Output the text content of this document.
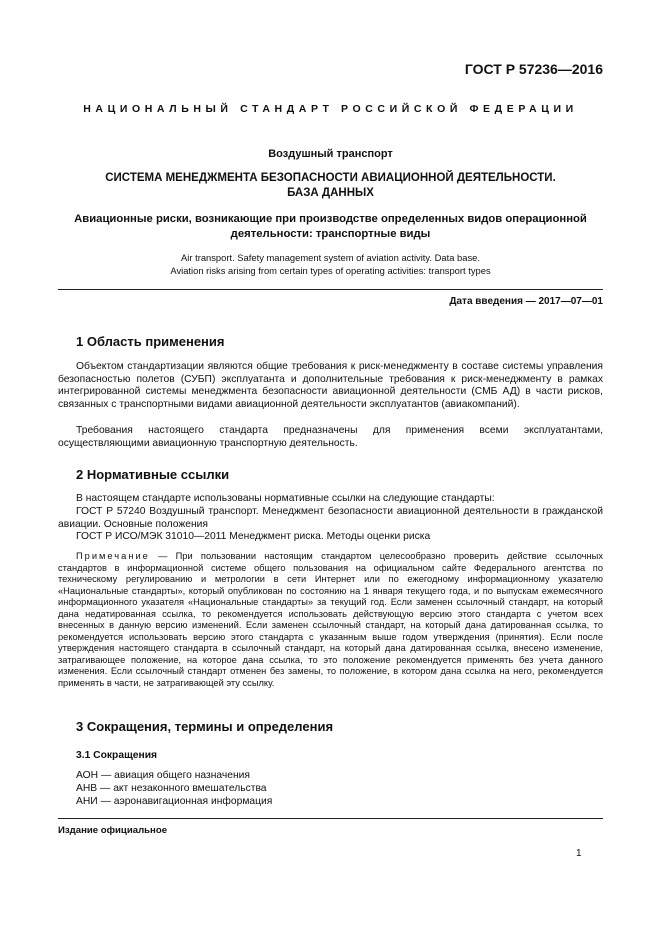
ГОСТ Р 57236—2016
НАЦИОНАЛЬНЫЙ СТАНДАРТ РОССИЙСКОЙ ФЕДЕРАЦИИ
Воздушный транспорт
СИСТЕМА МЕНЕДЖМЕНТА БЕЗОПАСНОСТИ АВИАЦИОННОЙ ДЕЯТЕЛЬНОСТИ.
БАЗА ДАННЫХ
Авиационные риски, возникающие при производстве определенных видов операционной
деятельности: транспортные виды
Air transport. Safety management system of aviation activity. Data base.
Aviation risks arising from certain types of operating activities: transport types
Дата введения — 2017—07—01
1 Область применения
Объектом стандартизации являются общие требования к риск-менеджменту в составе системы управления безопасностью полетов (СУБП) эксплуатанта и дополнительные требования к риск-менеджменту в рамках интегрированной системы менеджмента безопасности авиационной деятельности (СМБ АД) в части рисков, связанных с транспортными видами авиационной деятельности эксплуатантов (авиакомпаний).
Требования настоящего стандарта предназначены для применения всеми эксплуатантами, осуществляющими авиационную транспортную деятельность.
2 Нормативные ссылки
В настоящем стандарте использованы нормативные ссылки на следующие стандарты:
ГОСТ Р 57240 Воздушный транспорт. Менеджмент безопасности авиационной деятельности в гражданской авиации. Основные положения
ГОСТ Р ИСО/МЭК 31010—2011 Менеджмент риска. Методы оценки риска
Примечание — При пользовании настоящим стандартом целесообразно проверить действие ссылочных стандартов в информационной системе общего пользования на официальном сайте Федерального агентства по техническому регулированию и метрологии в сети Интернет или по ежегодному информационному указателю «Национальные стандарты», который опубликован по состоянию на 1 января текущего года, и по выпускам ежемесячного информационного указателя «Национальные стандарты» за текущий год. Если заменен ссылочный стандарт, на который дана недатированная ссылка, то рекомендуется использовать действующую версию этого стандарта с учетом всех внесенных в данную версию изменений. Если заменен ссылочный стандарт, на который дана датированная ссылка, то рекомендуется использовать версию этого стандарта с указанным выше годом утверждения (принятия). Если после утверждения настоящего стандарта в ссылочный стандарт, на который дана датированная ссылка, внесено изменение, затрагивающее положение, на которое дана ссылка, то это положение рекомендуется применять без учета данного изменения. Если ссылочный стандарт отменен без замены, то положение, в котором дана ссылка на него, рекомендуется применять в части, не затрагивающей эту ссылку.
3 Сокращения, термины и определения
3.1 Сокращения
АОН — авиация общего назначения
АНВ — акт незаконного вмешательства
АНИ — аэронавигационная информация
Издание официальное
1
